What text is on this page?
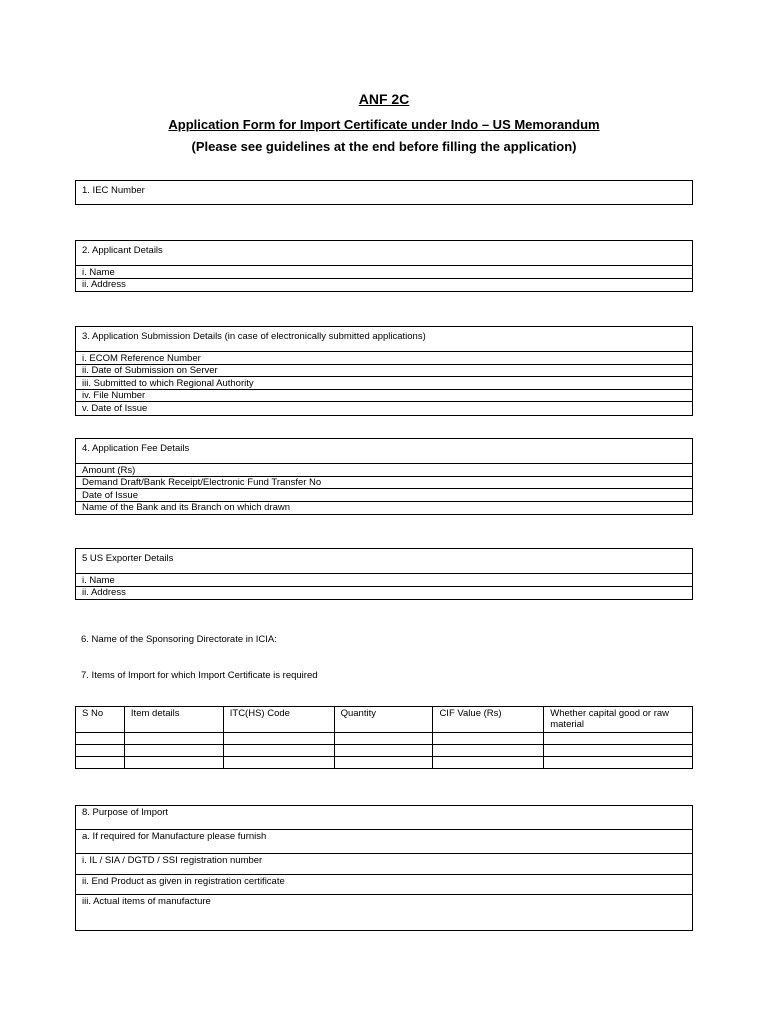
ANF 2C
Application Form for Import Certificate under Indo – US Memorandum
(Please see guidelines at the end before filling the application)
1. IEC Number
2. Applicant Details
i. Name
ii. Address
3. Application Submission Details (in case of electronically submitted applications)
i. ECOM Reference Number
ii. Date of Submission on Server
iii. Submitted to which Regional Authority
iv. File Number
v. Date of Issue
4. Application Fee Details
Amount (Rs)
Demand Draft/Bank Receipt/Electronic Fund Transfer No
Date of Issue
Name of the Bank and its Branch on which drawn
5 US Exporter Details
i. Name
ii. Address
6. Name of the Sponsoring Directorate in ICIA:
7. Items of Import for which Import Certificate is required
S No	Item details	ITC(HS) Code	Quantity	CIF Value (Rs)	Whether capital good or raw material

8. Purpose of Import
a. If required for Manufacture please furnish
i. IL / SIA / DGTD / SSI registration number
ii. End Product as given in registration certificate
iii. Actual items of manufacture
